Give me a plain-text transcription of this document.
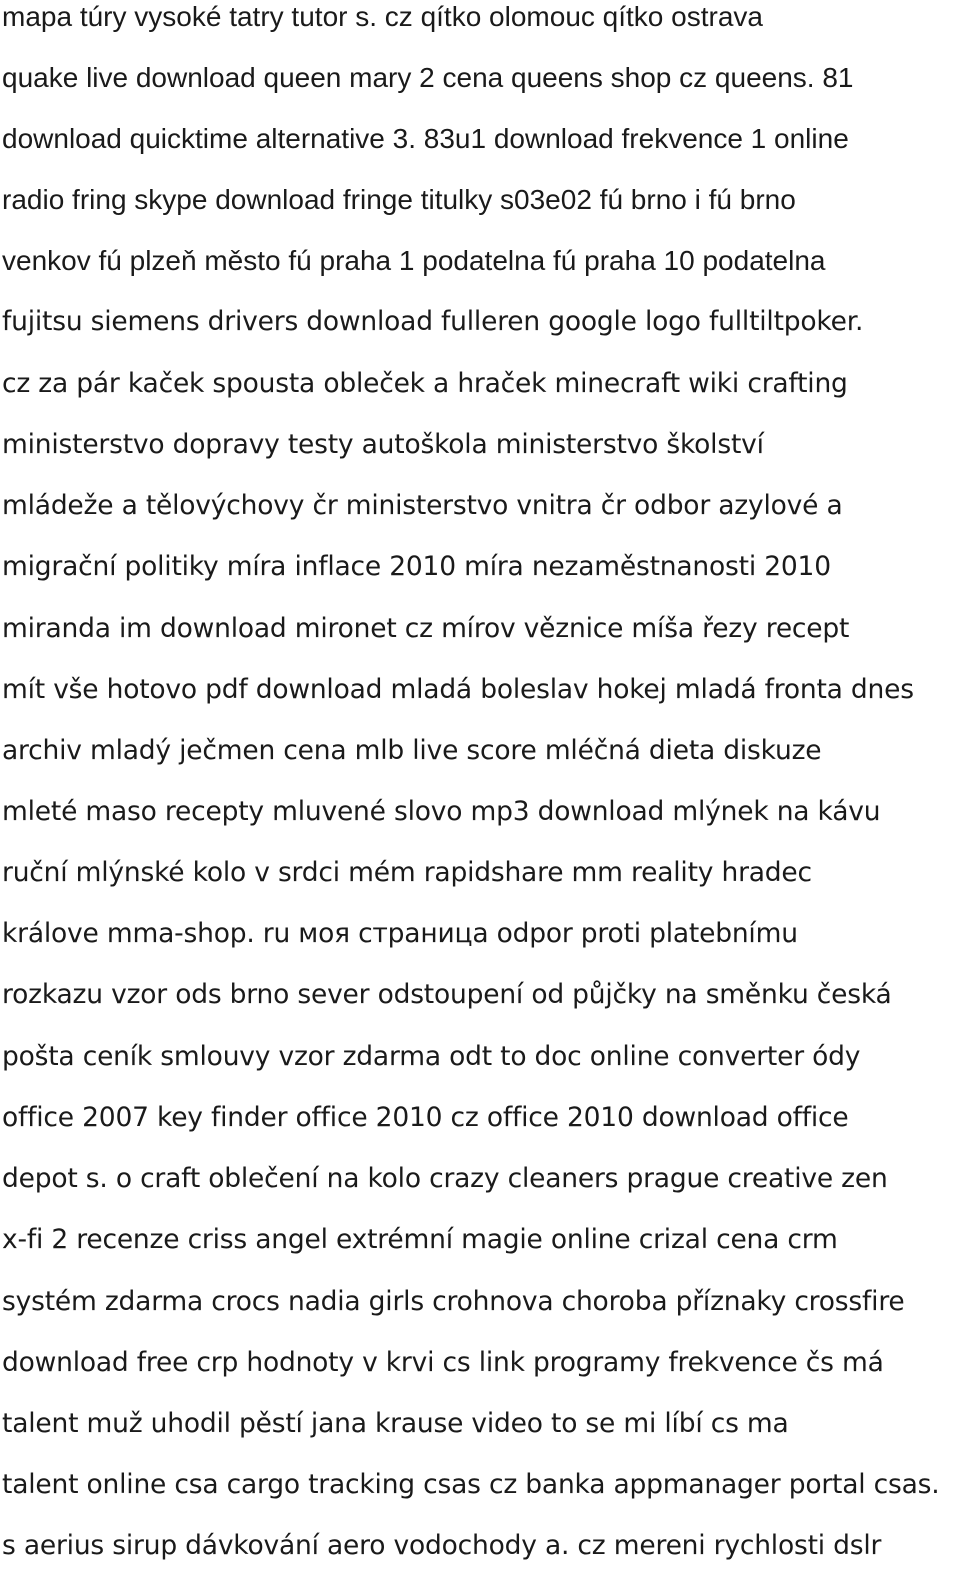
mapa túry vysoké tatry tutor s. cz qítko olomouc qítko ostrava
quake live download queen mary 2 cena queens shop cz queens. 81
download quicktime alternative 3. 83u1 download frekvence 1 online
radio fring skype download fringe titulky s03e02 fú brno i fú brno
venkov fú plzeň město fú praha 1 podatelna fú praha 10 podatelna
fujitsu siemens drivers download fulleren google logo fulltiltpoker.
cz za pár kaček spousta obleček a hraček minecraft wiki crafting
ministerstvo dopravy testy autoškola ministerstvo školství
mládeže a tělovýchovy čr ministerstvo vnitra čr odbor azylové a
migrační politiky míra inflace 2010 míra nezaměstnanosti 2010
miranda im download mironet cz mírov věznice míša řezy recept
mít vše hotovo pdf download mladá boleslav hokej mladá fronta dnes
archiv mladý ječmen cena mlb live score mléčná dieta diskuze
mleté maso recepty mluvené slovo mp3 download mlýnek na kávu
ruční mlýnské kolo v srdci mém rapidshare mm reality hradec
králove mma-shop. ru моя страница odpor proti platebnímu
rozkazu vzor ods brno sever odstoupení od půjčky na směnku česká
pošta ceník smlouvy vzor zdarma odt to doc online converter ódy
office 2007 key finder office 2010 cz office 2010 download office
depot s. o craft oblečení na kolo crazy cleaners prague creative zen
x-fi 2 recenze criss angel extrémní magie online crizal cena crm
systém zdarma crocs nadia girls crohnova choroba příznaky crossfire
download free crp hodnoty v krvi cs link programy frekvence čs má
talent muž uhodil pěstí jana krause video to se mi líbí cs ma
talent online csa cargo tracking csas cz banka appmanager portal csas.
s aerius sirup dávkování aero vodochody a. cz mereni rychlosti dslr
